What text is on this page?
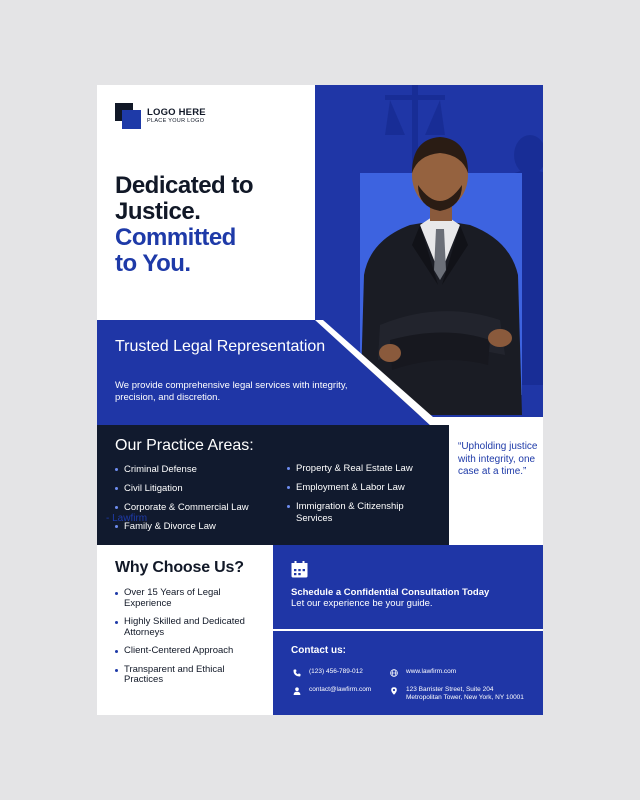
LOGO HERE
PLACE YOUR LOGO
Dedicated to
Justice.
Committed
to You.
Trusted Legal Representation
We provide comprehensive legal services with integrity, precision, and discretion.
Our Practice Areas:
Criminal Defense
Civil Litigation
Corporate & Commercial Law
Family & Divorce Law
Property & Real Estate Law
Employment & Labor Law
Immigration & Citizenship Services
“Upholding justice with integrity, one case at a time.”
- Lawfirm
Why Choose Us?
Over 15 Years of Legal Experience
Highly Skilled and Dedicated Attorneys
Client-Centered Approach
Transparent and Ethical Practices
Schedule a Confidential Consultation Today
Let our experience be your guide.
Contact us:
(123) 456-789-012
contact@lawfirm.com
www.lawfirm.com
123 Barrister Street, Suite 204
Metropolitan Tower, New York, NY 10001
